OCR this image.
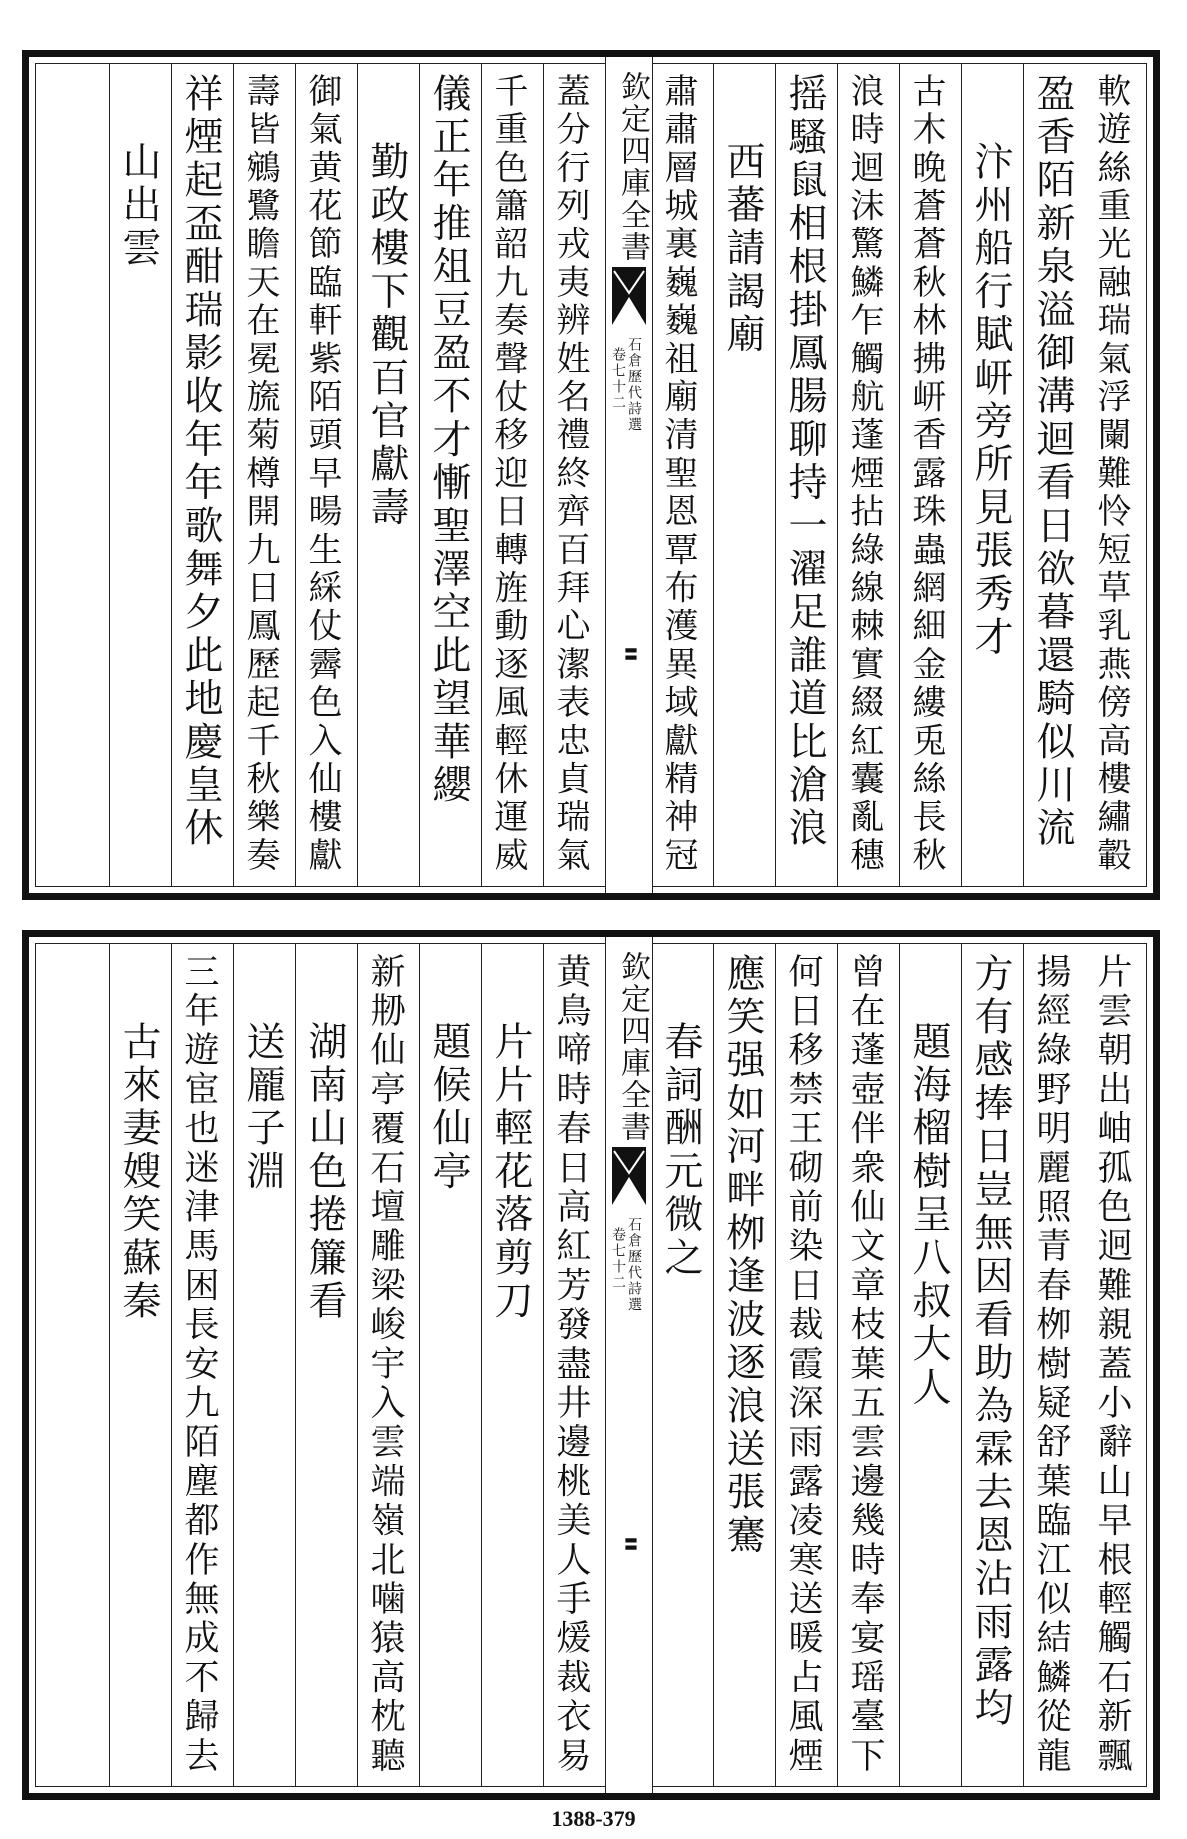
軟遊絲重光融瑞氣浮闌難怜短草乳燕傍高樓繡轂
盈香陌新泉溢御溝迴看日欲暮還騎似川流
汴州船行賦岍旁所見張秀才
古木晚蒼蒼秋林拂岍香露珠蟲網細金縷兎絲長秋
浪時迴沫驚鱗乍觸航蓬煙拈綠線棘實綴紅囊亂穗
摇騷鼠相根掛鳳腸聊持一濯足誰道比滄浪
西蕃請謁廟
肅肅層城裏巍巍祖廟清聖恩覃布濩異域獻精神冠
蓋分行列戎夷辨姓名禮終齊百拜心潔表忠貞瑞氣
千重色簫韶九奏聲仗移迎日轉旌動逐風輕休運威
儀正年推俎豆盈不才慚聖澤空此望華纓
勤政樓下觀百官獻壽
御氣黄花節臨軒紫陌頭早暘生綵仗霽色入仙樓獻
壽皆鵷鷺瞻天在冕旒菊樽開九日鳳歷起千秋樂奏
祥煙起盃酣瑞影收年年歌舞夕此地慶皇休
山出雲	欽定四庫全書
石倉歷代詩選
卷七十二
〓
片雲朝出岫孤色迥難親蓋小辭山早根輕觸石新飄
揚經綠野明麗照青春栁樹疑舒葉臨江似結鱗從龍
方有感捧日豈無因看助為霖去恩沾雨露均
題海榴樹呈八叔大人
曾在蓬壺伴衆仙文章枝葉五雲邊幾時奉宴瑶臺下
何日移禁王砌前染日裁霞深雨露凌寒送暖占風煙
應笑强如河畔栁逢波逐浪送張騫
春詞酬元微之
黄鳥啼時春日高紅芳發盡井邊桃美人手煖裁衣易
片片輕花落剪刀
題候仙亭
新刱仙亭覆石壇雕梁峻宇入雲端嶺北噛猿高枕聽
湖南山色捲簾看
送龎子淵
三年遊宦也迷津馬困長安九陌塵都作無成不歸去
古來妻嫂笑蘇秦	欽定四庫全書
石倉歷代詩選
卷七十二
〓
1388-379
